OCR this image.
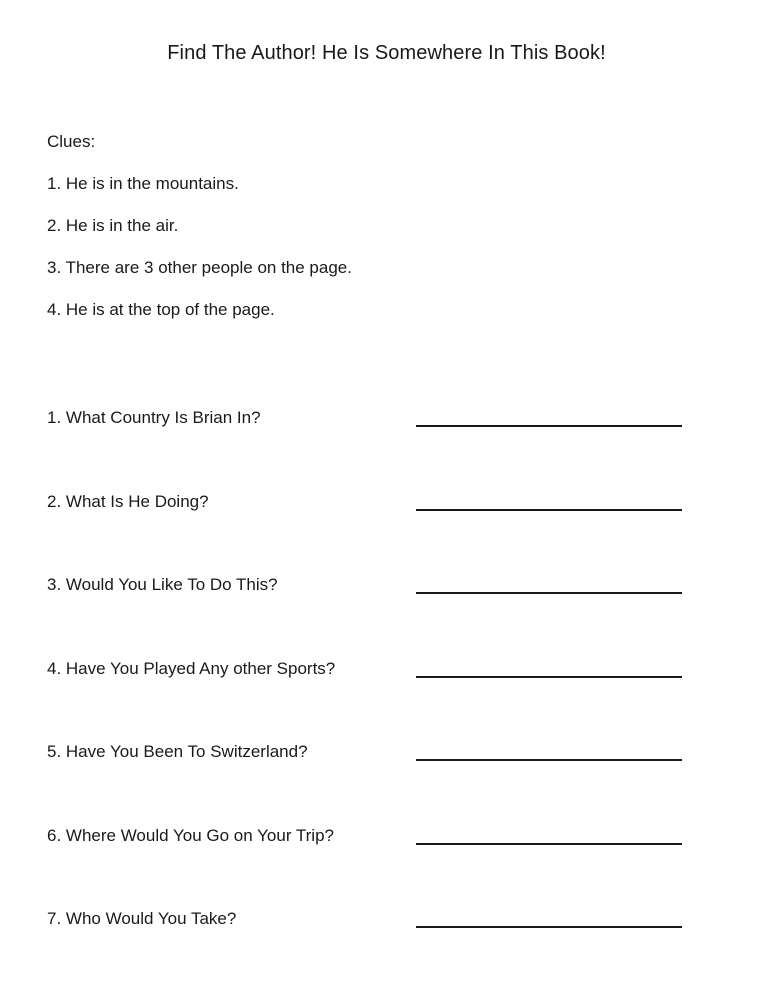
Find The Author! He Is Somewhere In This Book!
Clues:
1. He is in the mountains.
2. He is in the air.
3. There are 3 other people on the page.
4. He is at the top of the page.
1. What Country Is Brian In?
2. What Is He Doing?
3. Would You Like To Do This?
4. Have You Played Any other Sports?
5. Have You Been To Switzerland?
6. Where Would You Go on Your Trip?
7. Who Would You Take?
